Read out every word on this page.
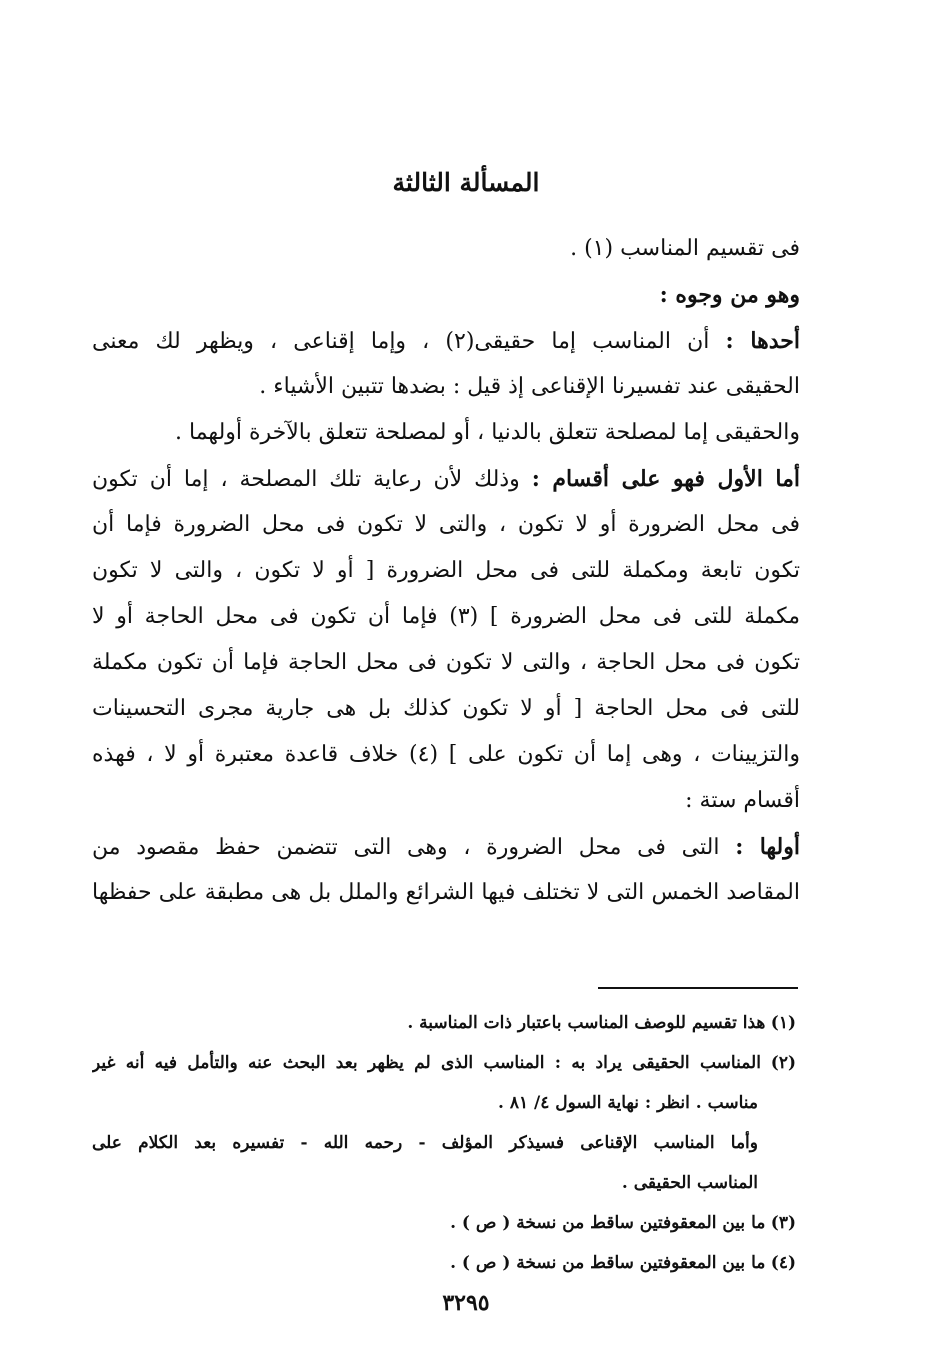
المسألة الثالثة
فى تقسيم المناسب (١) .
وهو من وجوه :
أحدها : أن المناسب إما حقيقى(٢) ، وإما إقناعى ، ويظهر لك معنى
الحقيقى عند تفسيرنا الإقناعى إذ قيل : بضدها تتبين الأشياء .
والحقيقى إما لمصلحة تتعلق بالدنيا ، أو لمصلحة تتعلق بالآخرة أولهما .
أما الأول فهو على أقسام : وذلك لأن رعاية تلك المصلحة ، إما أن تكون
فى محل الضرورة أو لا تكون ، والتى لا تكون فى محل الضرورة فإما أن
تكون تابعة ومكملة للتى فى محل الضرورة [ أو لا تكون ، والتى لا تكون
مكملة للتى فى محل الضرورة ] (٣) فإما أن تكون فى محل الحاجة أو لا
تكون فى محل الحاجة ، والتى لا تكون فى محل الحاجة فإما أن تكون مكملة
للتى فى محل الحاجة [ أو لا تكون كذلك بل هى جارية مجرى التحسينات
والتزيينات ، وهى إما أن تكون على ] (٤) خلاف قاعدة معتبرة أو لا ، فهذه
أقسام ستة :
أولها : التى فى محل الضرورة ، وهى التى تتضمن حفظ مقصود من
المقاصد الخمس التى لا تختلف فيها الشرائع والملل بل هى مطبقة على حفظها
(١) هذا تقسيم للوصف المناسب باعتبار ذات المناسبة .
(٢) المناسب الحقيقى يراد به : المناسب الذى لم يظهر بعد البحث عنه والتأمل فيه أنه غير
مناسب . انظر : نهاية السول ٤/ ٨١ .
وأما المناسب الإقناعى فسيذكر المؤلف - رحمه الله - تفسيره بعد الكلام على
المناسب الحقيقى .
(٣) ما بين المعقوفتين ساقط من نسخة ( ص ) .
(٤) ما بين المعقوفتين ساقط من نسخة ( ص ) .
٣٢٩٥
